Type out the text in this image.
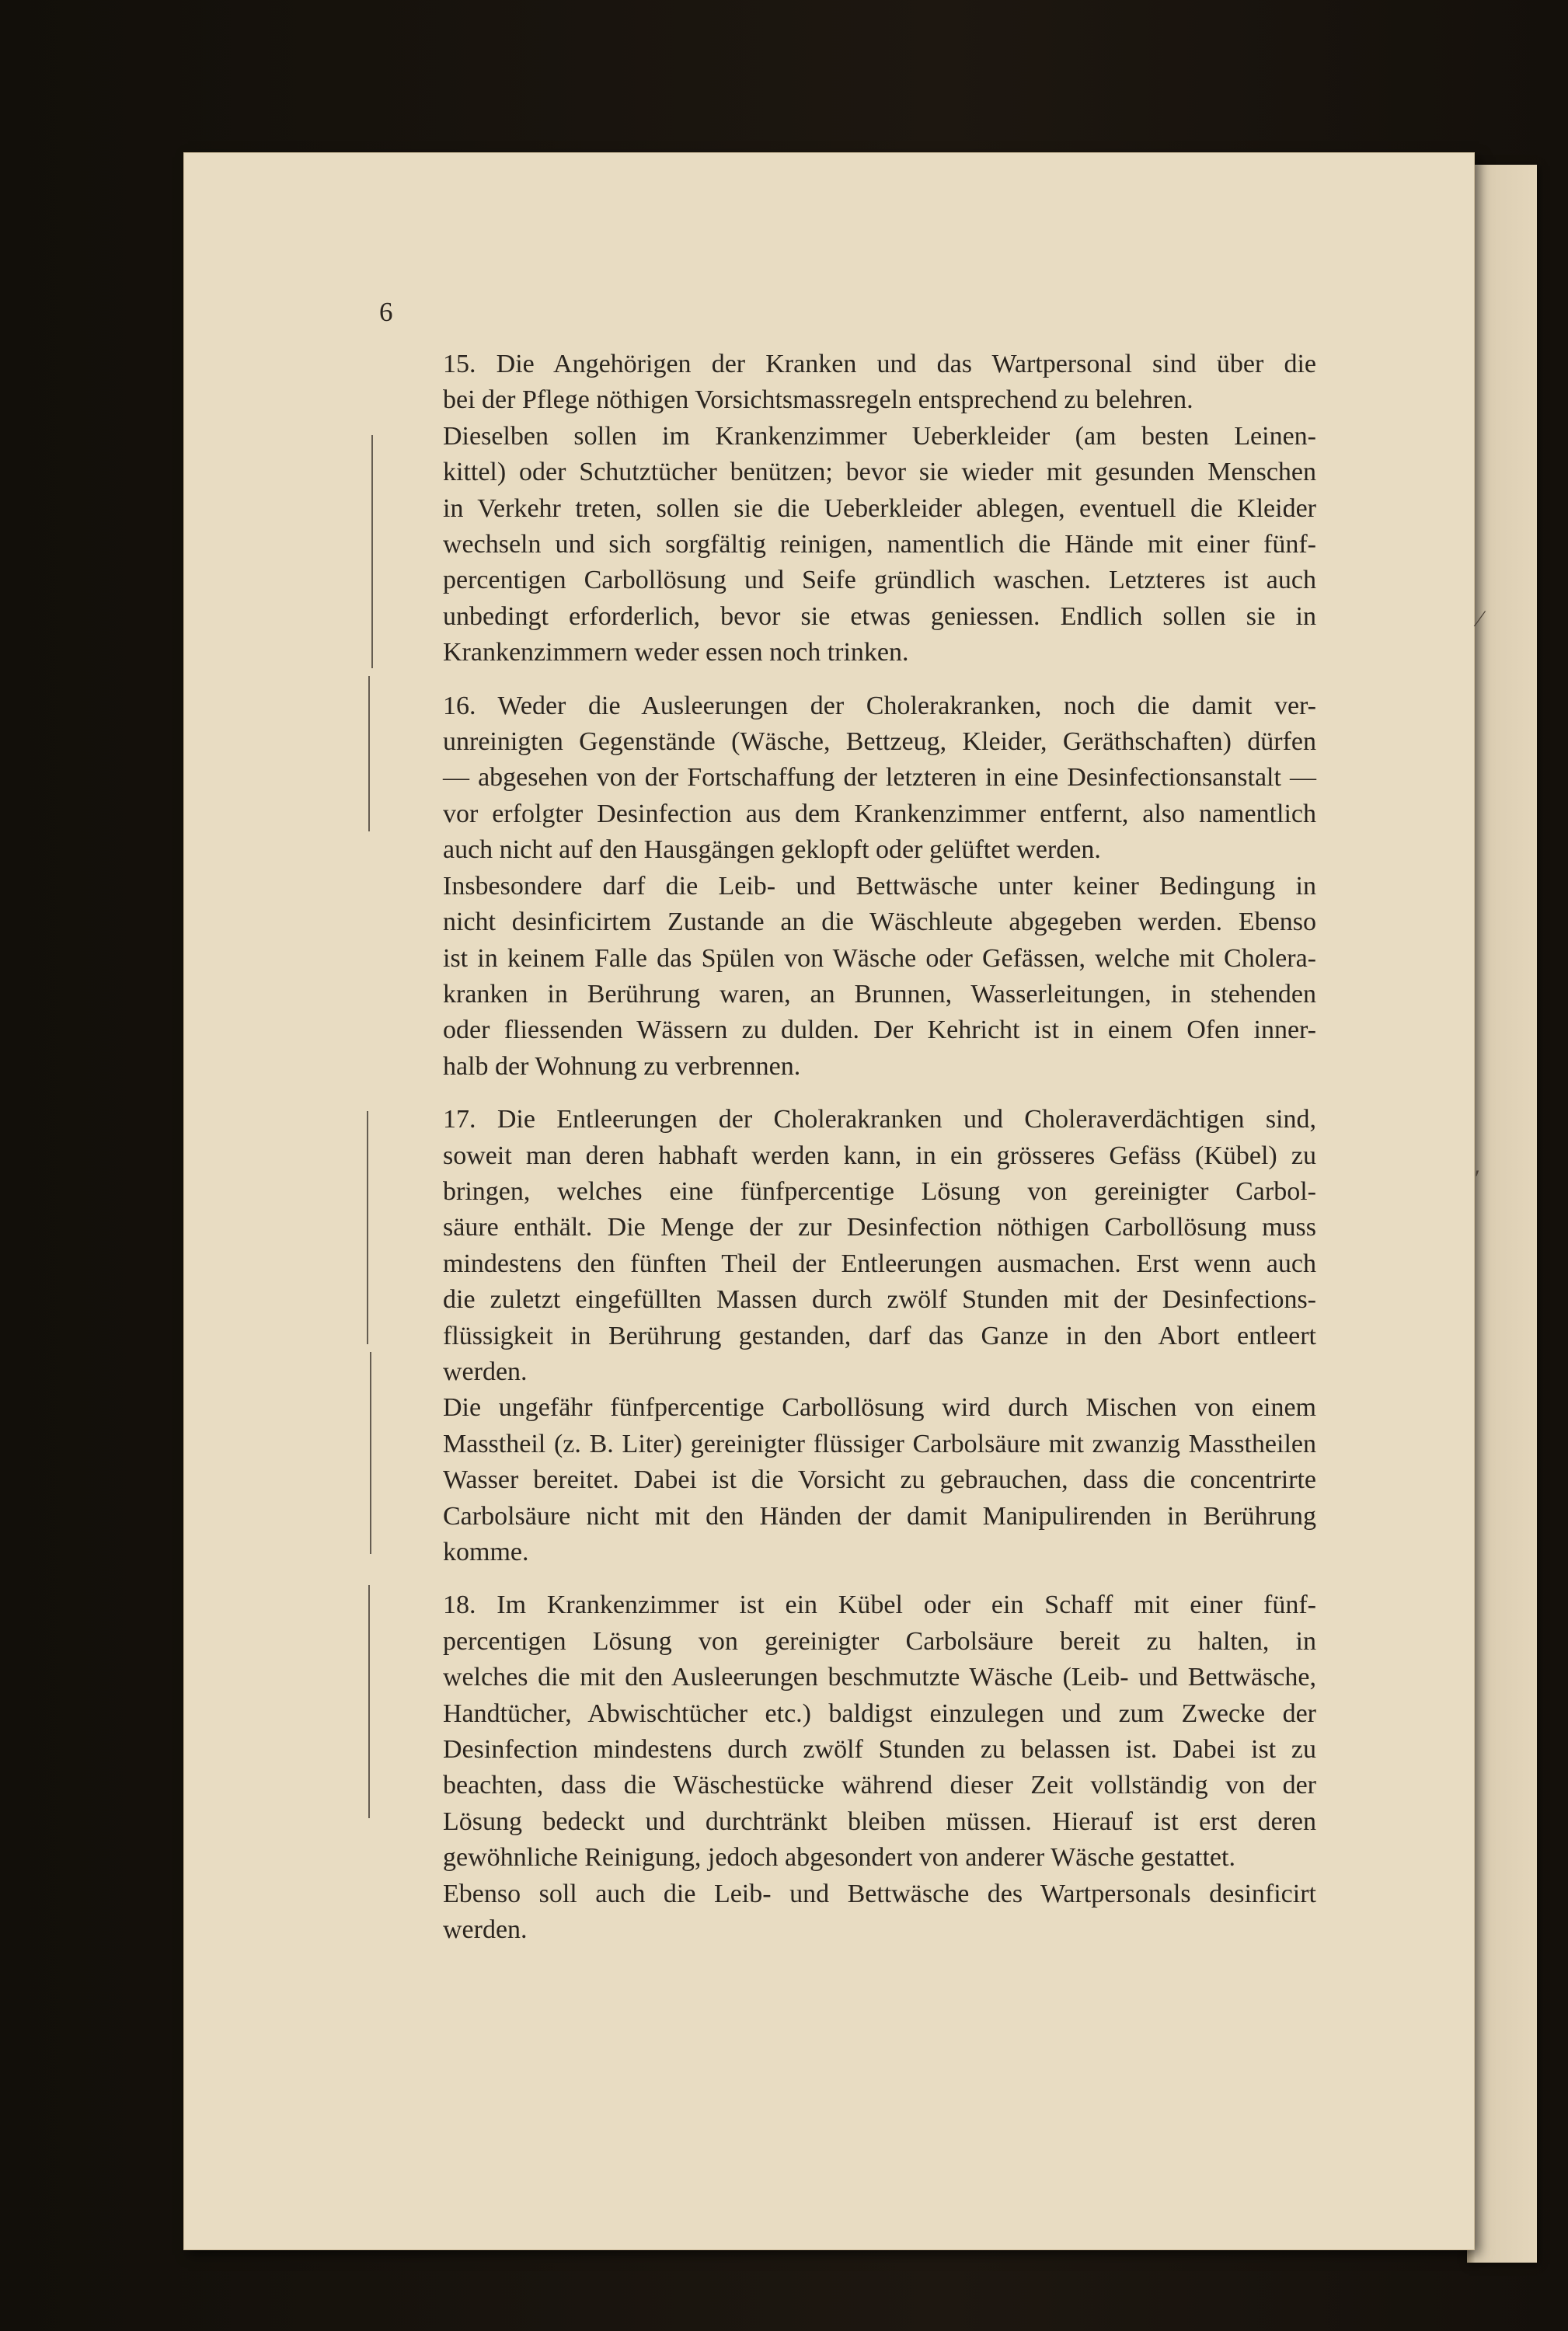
⁄
ʹ
6

15. Die Angehörigen der Kranken und das Wartpersonal sind über die
bei der Pflege nöthigen Vorsichtsmassregeln entsprechend zu belehren.

Dieselben sollen im Krankenzimmer Ueberkleider (am besten Leinen-
kittel) oder Schutztücher benützen; bevor sie wieder mit gesunden Menschen
in Verkehr treten, sollen sie die Ueberkleider ablegen, eventuell die Kleider
wechseln und sich sorgfältig reinigen, namentlich die Hände mit einer fünf-
percentigen Carbollösung und Seife gründlich waschen. Letzteres ist auch
unbedingt erforderlich, bevor sie etwas geniessen. Endlich sollen sie in
Krankenzimmern weder essen noch trinken.

16. Weder die Ausleerungen der Cholerakranken, noch die damit ver-
unreinigten Gegenstände (Wäsche, Bettzeug, Kleider, Geräthschaften) dürfen
— abgesehen von der Fortschaffung der letzteren in eine Desinfectionsanstalt —
vor erfolgter Desinfection aus dem Krankenzimmer entfernt, also namentlich
auch nicht auf den Hausgängen geklopft oder gelüftet werden.

Insbesondere darf die Leib- und Bettwäsche unter keiner Bedingung in
nicht desinficirtem Zustande an die Wäschleute abgegeben werden. Ebenso
ist in keinem Falle das Spülen von Wäsche oder Gefässen, welche mit Cholera-
kranken in Berührung waren, an Brunnen, Wasserleitungen, in stehenden
oder fliessenden Wässern zu dulden. Der Kehricht ist in einem Ofen inner-
halb der Wohnung zu verbrennen.

17. Die Entleerungen der Cholerakranken und Choleraverdächtigen sind,
soweit man deren habhaft werden kann, in ein grösseres Gefäss (Kübel) zu
bringen, welches eine fünfpercentige Lösung von gereinigter Carbol-
säure enthält. Die Menge der zur Desinfection nöthigen Carbollösung muss
mindestens den fünften Theil der Entleerungen ausmachen. Erst wenn auch
die zuletzt eingefüllten Massen durch zwölf Stunden mit der Desinfections-
flüssigkeit in Berührung gestanden, darf das Ganze in den Abort entleert
werden.

Die ungefähr fünfpercentige Carbollösung wird durch Mischen von einem
Masstheil (z. B. Liter) gereinigter flüssiger Carbolsäure mit zwanzig Masstheilen
Wasser bereitet. Dabei ist die Vorsicht zu gebrauchen, dass die concentrirte
Carbolsäure nicht mit den Händen der damit Manipulirenden in Berührung
komme.

18. Im Krankenzimmer ist ein Kübel oder ein Schaff mit einer fünf-
percentigen Lösung von gereinigter Carbolsäure bereit zu halten, in
welches die mit den Ausleerungen beschmutzte Wäsche (Leib- und Bettwäsche,
Handtücher, Abwischtücher etc.) baldigst einzulegen und zum Zwecke der
Desinfection mindestens durch zwölf Stunden zu belassen ist. Dabei ist zu
beachten, dass die Wäschestücke während dieser Zeit vollständig von der
Lösung bedeckt und durchtränkt bleiben müssen. Hierauf ist erst deren
gewöhnliche Reinigung, jedoch abgesondert von anderer Wäsche gestattet.

Ebenso soll auch die Leib- und Bettwäsche des Wartpersonals desinficirt
werden.
